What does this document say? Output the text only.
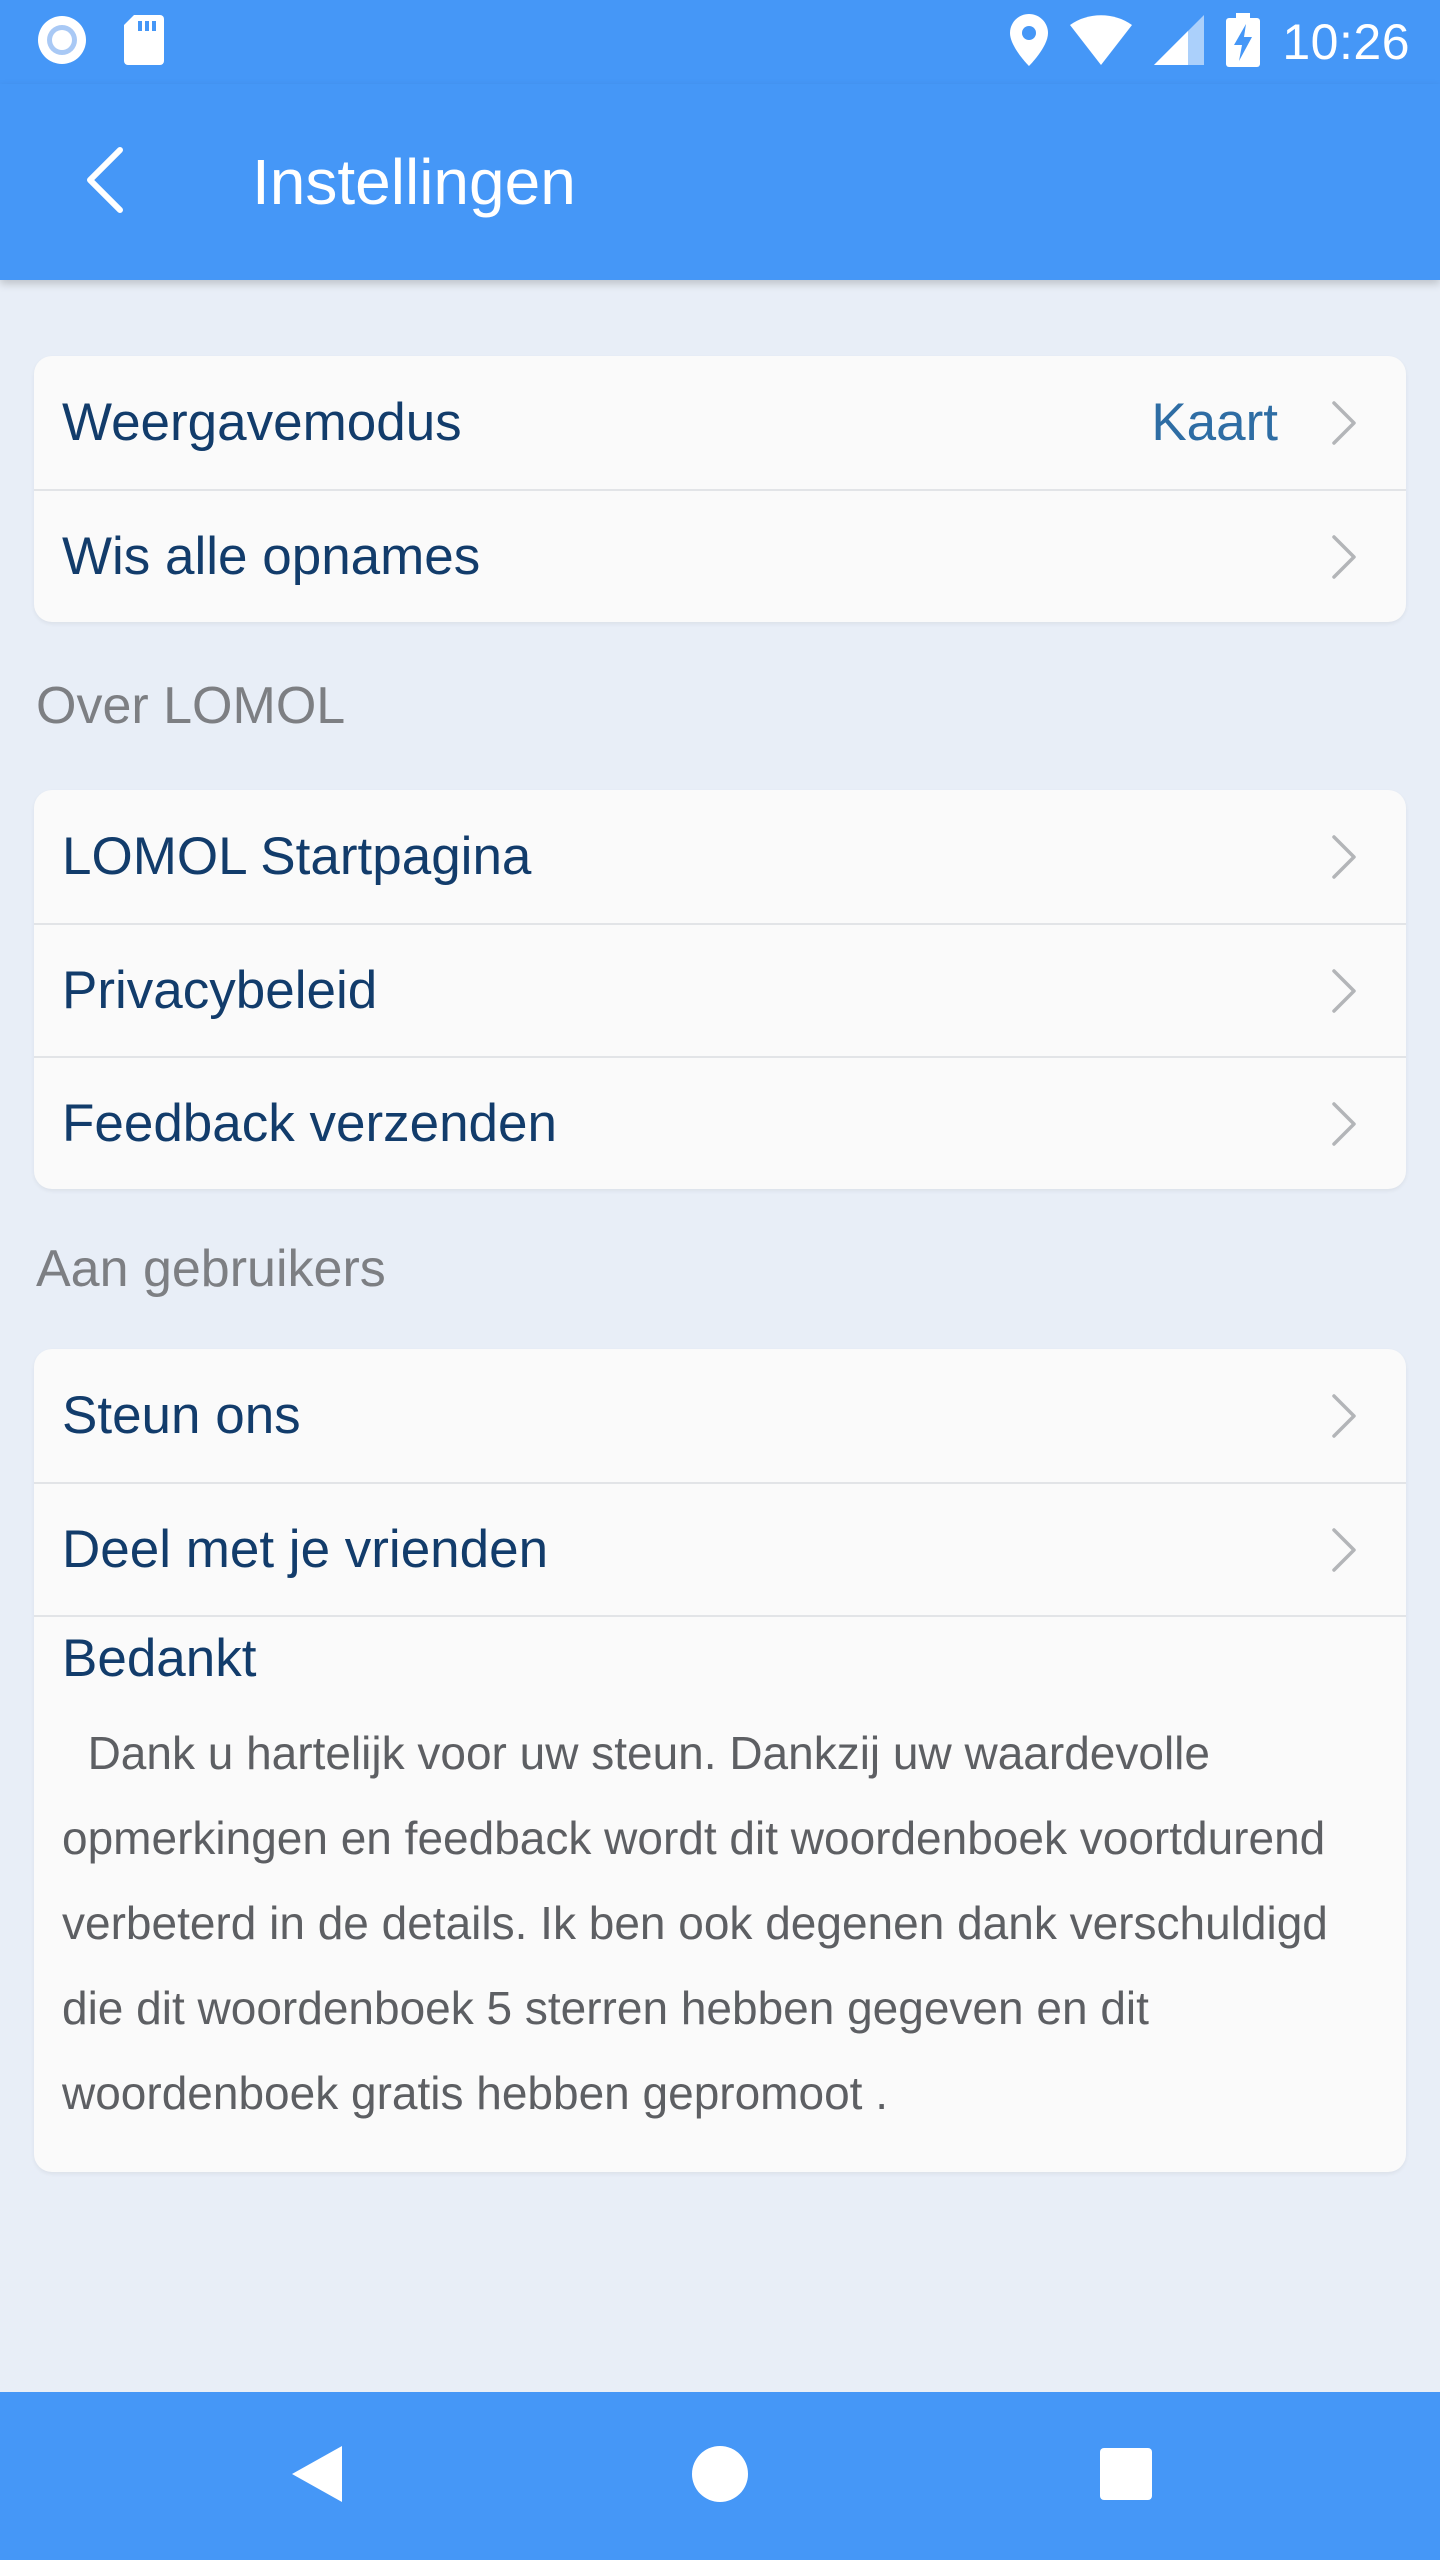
10:26
Instellingen
Weergavemodus	Kaart
Wis alle opnames
Over LOMOL
LOMOL Startpagina
Privacybeleid
Feedback verzenden
Aan gebruikers
Steun ons
Deel met je vrienden
Bedankt
Dank u hartelijk voor uw steun. Dankzij uw waardevolle opmerkingen en feedback wordt dit woordenboek voortdurend verbeterd in de details. Ik ben ook degenen dank verschuldigd die dit woordenboek 5 sterren hebben gegeven en dit woordenboek gratis hebben gepromoot .
